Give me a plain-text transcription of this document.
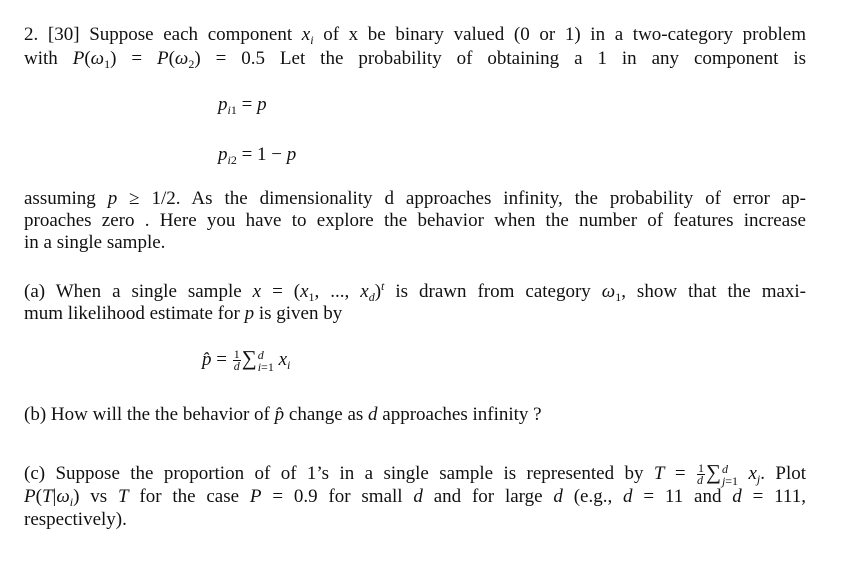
2. [30] Suppose each component $x_i$ of x be binary valued (0 or 1) in a two-category problem
with $P(\omega_1) = P(\omega_2) = 0.5$ Let the probability of obtaining a 1 in any component is
$p_{i1} = p$
$p_{i2} = 1 - p$
assuming p ≥ 1/2. As the dimensionality d approaches infinity, the probability of error ap-
proaches zero . Here you have to explore the behavior when the number of features increase
in a single sample.
(a) When a single sample $x = (x_1$, ..., $x_d)^t$ is drawn from category $\omega_1$, show that the maxi-
mum likelihood estimate for p is given by
p̂ = $\frac{1}{d}$ ∑ d
i=1 $x_i$
(b) How will the the behavior of p̂ change as d approaches infinity ?
(c) Suppose the proportion of of 1’s in a single sample is represented by $T = \frac{1}{d}$ ∑ d
j=1 $x_j$. Plot
$P(T|\omega_i)$ vs T for the case P = 0.9 for small d and for large d (e.g., d = 11 and d = 111,
respectively).
